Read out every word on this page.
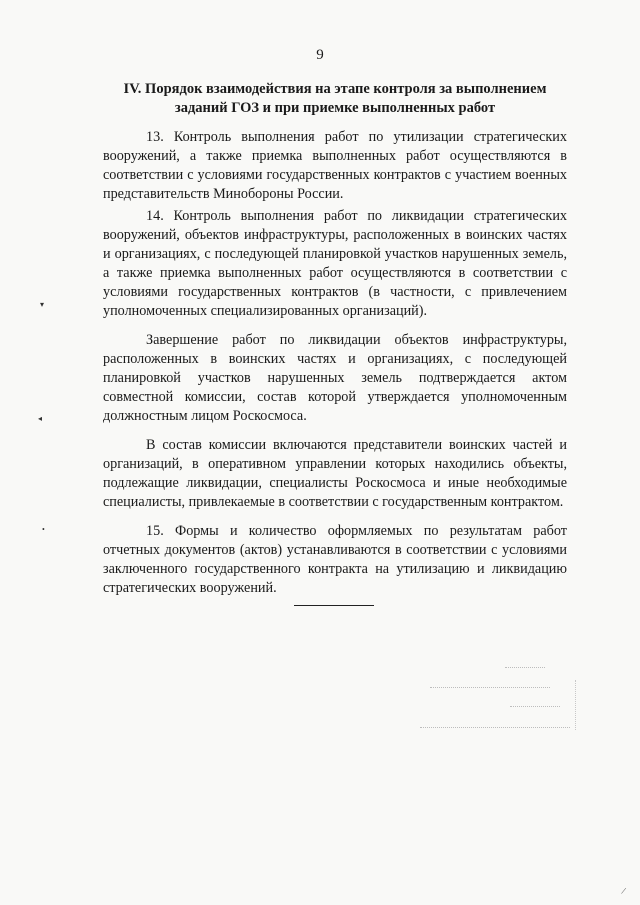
9
IV. Порядок взаимодействия на этапе контроля за выполнением
заданий ГОЗ и при приемке выполненных работ

13. Контроль выполнения работ по утилизации стратегических вооружений, а также приемка выполненных работ осуществляются в соответствии с условиями государственных контрактов с участием военных представительств Минобороны России.

14. Контроль выполнения работ по ликвидации стратегических вооружений, объектов инфраструктуры, расположенных в воинских частях и организациях, с последующей планировкой участков нарушенных земель, а также приемка выполненных работ осуществляются в соответствии с условиями государственных контрактов (в частности, с привлечением уполномоченных специализированных организаций).

Завершение работ по ликвидации объектов инфраструктуры, расположенных в воинских частях и организациях, с последующей планировкой участков нарушенных земель подтверждается актом совместной комиссии, состав которой утверждается уполномоченным должностным лицом Роскосмоса.

В состав комиссии включаются представители воинских частей и организаций, в оперативном управлении которых находились объекты, подлежащие ликвидации, специалисты Роскосмоса и иные необходимые специалисты, привлекаемые в соответствии с государственным контрактом.

15. Формы и количество оформляемых по результатам работ отчетных документов (актов) устанавливаются в соответствии с условиями заключенного государственного контракта на утилизацию и ликвидацию стратегических вооружений.

▾
◂
•
/
